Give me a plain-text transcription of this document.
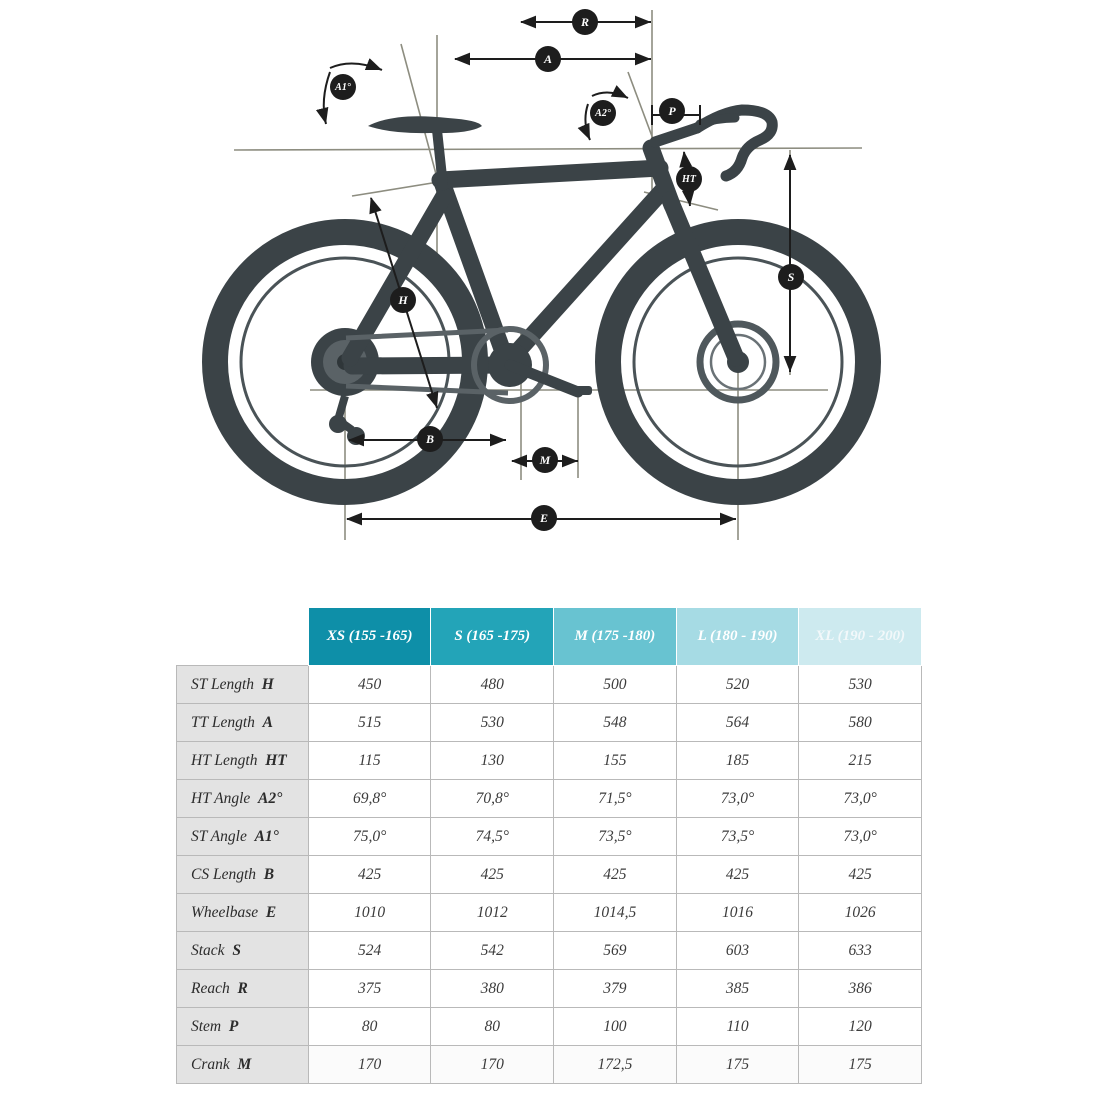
R
A
A1°
A2°	P
HT
S
H
B
M
E
	XS (155 -165)	S (165 -175)	M (175 -180)	L (180 - 190)	XL (190 - 200)
ST Length H	450	480	500	520	530
TT Length A	515	530	548	564	580
HT Length HT	115	130	155	185	215
HT Angle A2°	69,8°	70,8°	71,5°	73,0°	73,0°
ST Angle A1°	75,0°	74,5°	73,5°	73,5°	73,0°
CS Length B	425	425	425	425	425
Wheelbase E	1010	1012	1014,5	1016	1026
Stack S	524	542	569	603	633
Reach R	375	380	379	385	386
Stem P	80	80	100	110	120
Crank M	170	170	172,5	175	175
